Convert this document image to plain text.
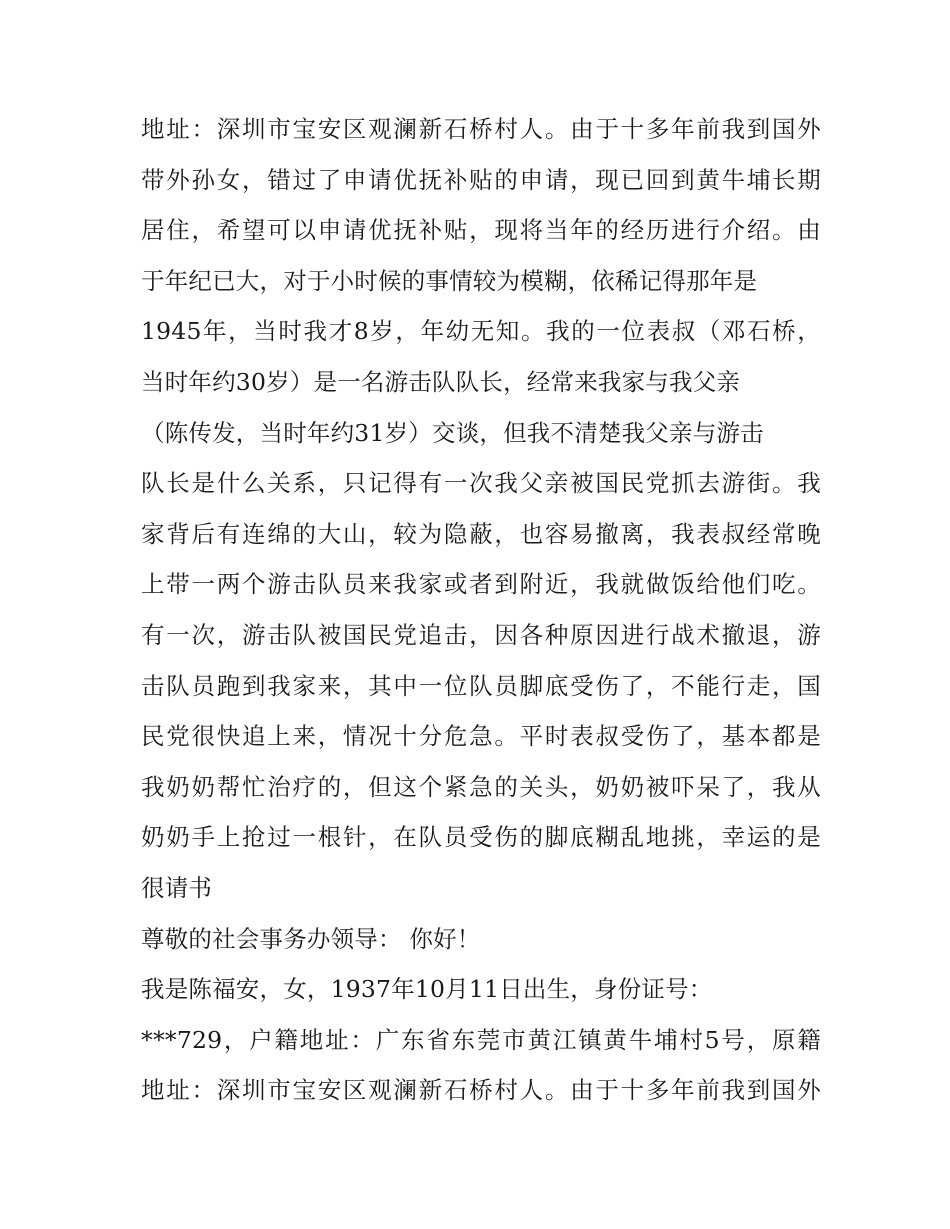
地址：深圳市宝安区观澜新石桥村人。由于十多年前我到国外
带外孙女，错过了申请优抚补贴的申请，现已回到黄牛埔长期
居住，希望可以申请优抚补贴，现将当年的经历进行介绍。由
于年纪已大，对于小时候的事情较为模糊，依稀记得那年是
1945年，当时我才8岁，年幼无知。我的一位表叔（邓石桥，
当时年约30岁）是一名游击队队长，经常来我家与我父亲
（陈传发，当时年约31岁）交谈，但我不清楚我父亲与游击
队长是什么关系，只记得有一次我父亲被国民党抓去游街。我
家背后有连绵的大山，较为隐蔽，也容易撤离，我表叔经常晚
上带一两个游击队员来我家或者到附近，我就做饭给他们吃。
有一次，游击队被国民党追击，因各种原因进行战术撤退，游
击队员跑到我家来，其中一位队员脚底受伤了，不能行走，国
民党很快追上来，情况十分危急。平时表叔受伤了，基本都是
我奶奶帮忙治疗的，但这个紧急的关头，奶奶被吓呆了，我从
奶奶手上抢过一根针，在队员受伤的脚底糊乱地挑，幸运的是
很请书
尊敬的社会事务办领导： 你好！
我是陈福安，女，1937年10月11日出生，身份证号：
***729，户籍地址：广东省东莞市黄江镇黄牛埔村5号，原籍
地址：深圳市宝安区观澜新石桥村人。由于十多年前我到国外
